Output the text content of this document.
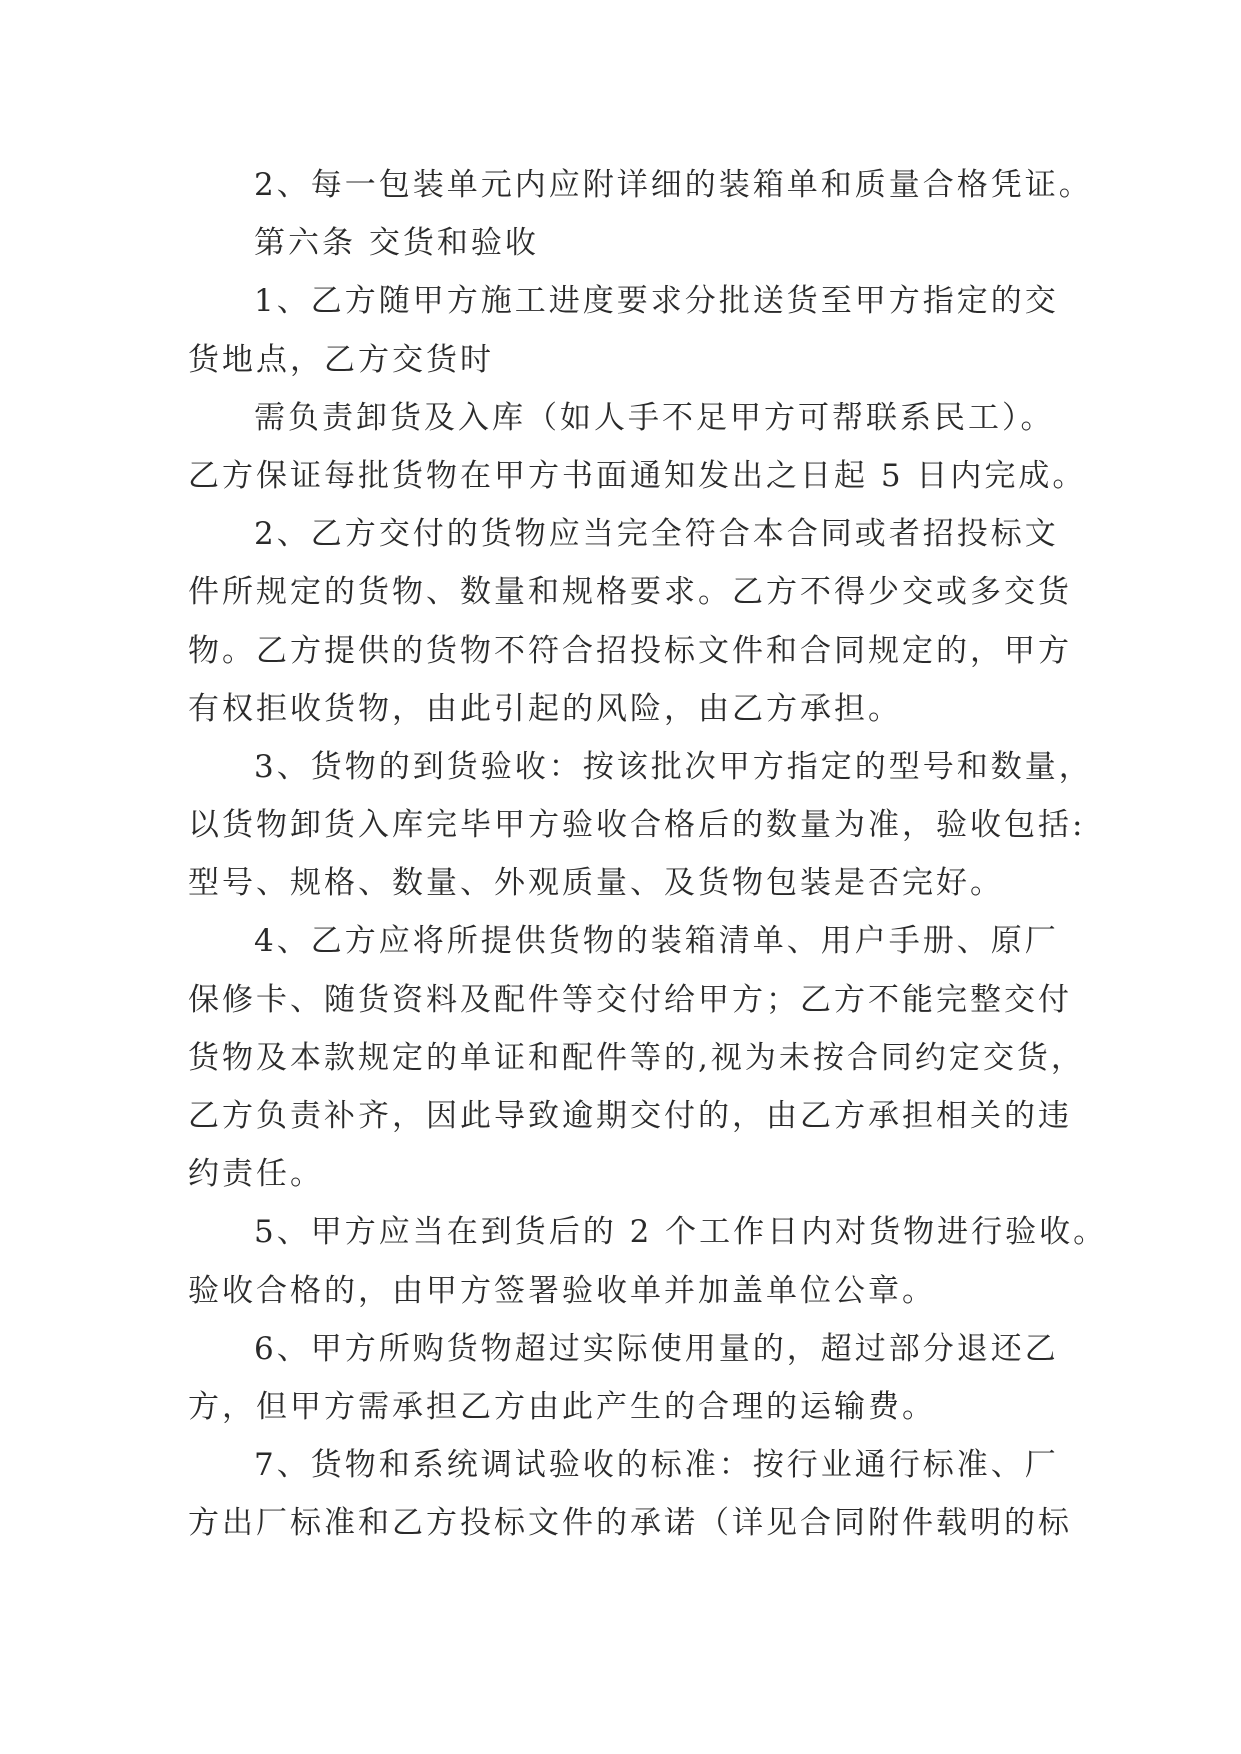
2、每一包装单元内应附详细的装箱单和质量合格凭证。
第六条 交货和验收
1、乙方随甲方施工进度要求分批送货至甲方指定的交
货地点，乙方交货时
需负责卸货及入库（如人手不足甲方可帮联系民工）。
乙方保证每批货物在甲方书面通知发出之日起 5 日内完成。
2、乙方交付的货物应当完全符合本合同或者招投标文
件所规定的货物、数量和规格要求。乙方不得少交或多交货
物。乙方提供的货物不符合招投标文件和合同规定的，甲方
有权拒收货物，由此引起的风险，由乙方承担。
3、货物的到货验收：按该批次甲方指定的型号和数量，
以货物卸货入库完毕甲方验收合格后的数量为准，验收包括:
型号、规格、数量、外观质量、及货物包装是否完好。
4、乙方应将所提供货物的装箱清单、用户手册、原厂
保修卡、随货资料及配件等交付给甲方；乙方不能完整交付
货物及本款规定的单证和配件等的,视为未按合同约定交货，
乙方负责补齐，因此导致逾期交付的，由乙方承担相关的违
约责任。
5、甲方应当在到货后的 2 个工作日内对货物进行验收。
验收合格的，由甲方签署验收单并加盖单位公章。
6、甲方所购货物超过实际使用量的，超过部分退还乙
方，但甲方需承担乙方由此产生的合理的运输费。
7、货物和系统调试验收的标准：按行业通行标准、厂
方出厂标准和乙方投标文件的承诺（详见合同附件载明的标
